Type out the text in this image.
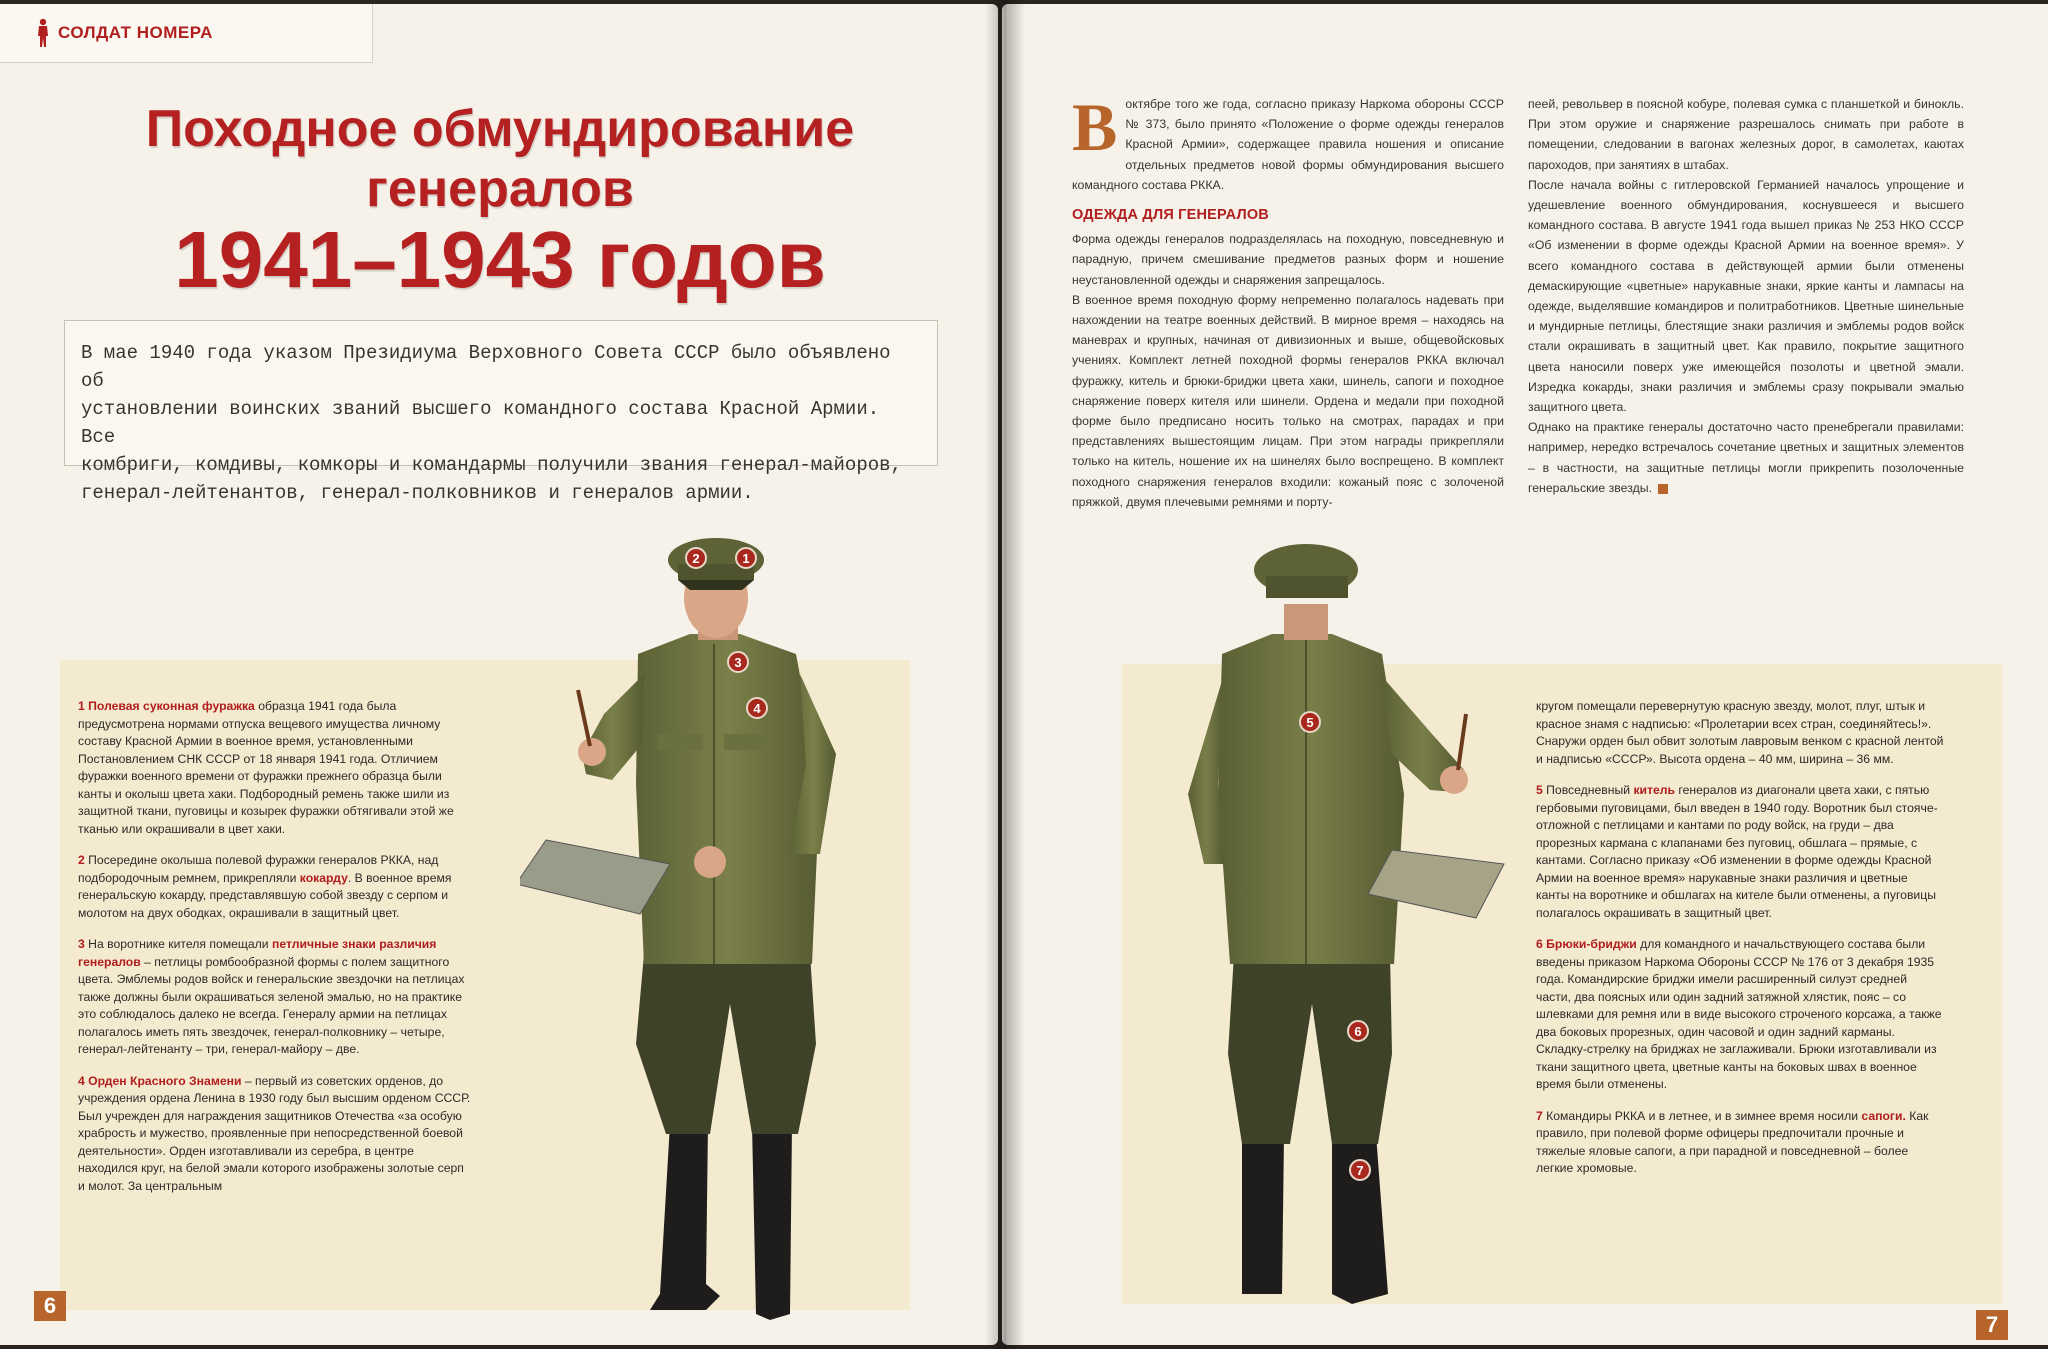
СОЛДАТ НОМЕРА
Походное обмундирование
генералов
1941–1943 годов
В мае 1940 года указом Президиума Верховного Совета СССР было объявлено об
установлении воинских званий высшего командного состава Красной Армии. Все
комбриги, комдивы, комкоры и командармы получили звания генерал-майоров,
генерал-лейтенантов, генерал-полковников и генералов армии.

1 Полевая суконная фуражка образца 1941 года была предусмотрена нормами отпуска вещевого имущества личному составу Красной Армии в военное время, установленными Постановлением СНК СССР от 18 января 1941 года. Отличием фуражки военного времени от фуражки прежнего образца были канты и околыш цвета хаки. Подбородный ремень также шили из защитной ткани, пуговицы и козырек фуражки обтягивали этой же тканью или окрашивали в цвет хаки.

2 Посередине околыша полевой фуражки генералов РККА, над подбородочным ремнем, прикрепляли кокарду. В военное время генеральскую кокарду, представлявшую собой звезду с серпом и молотом на двух ободках, окрашивали в защитный цвет.

3 На воротнике кителя помещали петличные знаки различия генералов – петлицы ромбообразной формы с полем защитного цвета. Эмблемы родов войск и генеральские звездочки на петлицах также должны были окрашиваться зеленой эмалью, но на практике это соблюдалось далеко не всегда. Генералу армии на петлицах полагалось иметь пять звездочек, генерал-полковнику – четыре, генерал-лейтенанту – три, генерал-майору – две.

4 Орден Красного Знамени – первый из советских орденов, до учреждения ордена Ленина в 1930 году был высшим орденом СССР. Был учрежден для награждения защитников Отечества «за особую храбрость и мужество, проявленные при непосредственной боевой деятельности». Орден изготавливали из серебра, в центре находился круг, на белой эмали которого изображены золотые серп и молот. За центральным

1
2
3
4
6

В октябре того же года, согласно приказу Наркома обороны СССР № 373, было принято «Положение о форме одежды генералов Красной Армии», содержащее правила ношения и описание отдельных предметов новой формы обмундирования высшего командного состава РККА.

ОДЕЖДА ДЛЯ ГЕНЕРАЛОВ

Форма одежды генералов подразделялась на походную, повседневную и парадную, причем смешивание предметов разных форм и ношение неустановленной одежды и снаряжения запрещалось.

В военное время походную форму непременно полагалось надевать при нахождении на театре военных действий. В мирное время – находясь на маневрах и крупных, начиная от дивизионных и выше, общевойсковых учениях. Комплект летней походной формы генералов РККА включал фуражку, китель и брюки-бриджи цвета хаки, шинель, сапоги и походное снаряжение поверх кителя или шинели. Ордена и медали при походной форме было предписано носить только на смотрах, парадах и при представлениях вышестоящим лицам. При этом награды прикрепляли только на китель, ношение их на шинелях было воспрещено. В комплект походного снаряжения генералов входили: кожаный пояс с золоченой пряжкой, двумя плечевыми ремнями и порту-

пеей, револьвер в поясной кобуре, полевая сумка с планшеткой и бинокль. При этом оружие и снаряжение разрешалось снимать при работе в помещении, следовании в вагонах железных дорог, в самолетах, каютах пароходов, при занятиях в штабах.

После начала войны с гитлеровской Германией началось упрощение и удешевление военного обмундирования, коснувшееся и высшего командного состава. В августе 1941 года вышел приказ № 253 НКО СССР «Об изменении в форме одежды Красной Армии на военное время». У всего командного состава в действующей армии были отменены демаскирующие «цветные» нарукавные знаки, яркие канты и лампасы на одежде, выделявшие командиров и политработников. Цветные шинельные и мундирные петлицы, блестящие знаки различия и эмблемы родов войск стали окрашивать в защитный цвет. Как правило, покрытие защитного цвета наносили поверх уже имеющейся позолоты и цветной эмали. Изредка кокарды, знаки различия и эмблемы сразу покрывали эмалью защитного цвета.

Однако на практике генералы достаточно часто пренебрегали правилами: например, нередко встречалось сочетание цветных и защитных элементов – в частности, на защитные петлицы могли прикрепить позолоченные генеральские звезды.

5
6
7

кругом помещали перевернутую красную звезду, молот, плуг, штык и красное знамя с надписью: «Пролетарии всех стран, соединяйтесь!». Снаружи орден был обвит золотым лавровым венком с красной лентой и надписью «СССР». Высота ордена – 40 мм, ширина – 36 мм.

5 Повседневный китель генералов из диагонали цвета хаки, с пятью гербовыми пуговицами, был введен в 1940 году. Воротник был стояче-отложной с петлицами и кантами по роду войск, на груди – два прорезных кармана с клапанами без пуговиц, обшлага – прямые, с кантами. Согласно приказу «Об изменении в форме одежды Красной Армии на военное время» нарукавные знаки различия и цветные канты на воротнике и обшлагах на кителе были отменены, а пуговицы полагалось окрашивать в защитный цвет.

6 Брюки-бриджи для командного и начальствующего состава были введены приказом Наркома Обороны СССР № 176 от 3 декабря 1935 года. Командирские бриджи имели расширенный силуэт средней части, два поясных или один задний затяжной хлястик, пояс – со шлевками для ремня или в виде высокого строченого корсажа, а также два боковых прорезных, один часовой и один задний карманы. Складку-стрелку на бриджах не заглаживали. Брюки изготавливали из ткани защитного цвета, цветные канты на боковых швах в военное время были отменены.

7 Командиры РККА и в летнее, и в зимнее время носили сапоги. Как правило, при полевой форме офицеры предпочитали прочные и тяжелые яловые сапоги, а при парадной и повседневной – более легкие хромовые.

7
